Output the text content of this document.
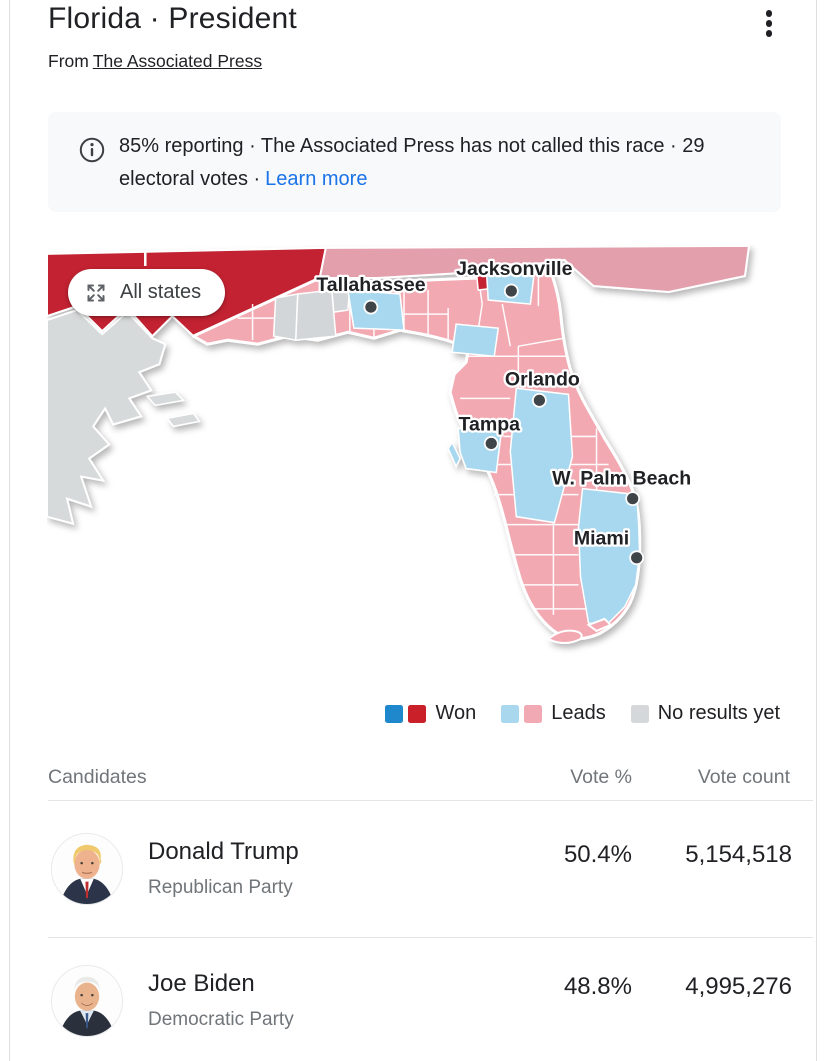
Florida · President
From The Associated Press
85% reporting · The Associated Press has not called this race · 29 electoral votes · Learn more
Tallahassee
Jacksonville
Orlando
Tampa
W. Palm Beach
Miami
All states
Won	Leads	No results yet
Candidates	Vote %	Vote count
Donald Trump
Republican Party
50.4%	5,154,518
Joe Biden
Democratic Party
48.8%	4,995,276
